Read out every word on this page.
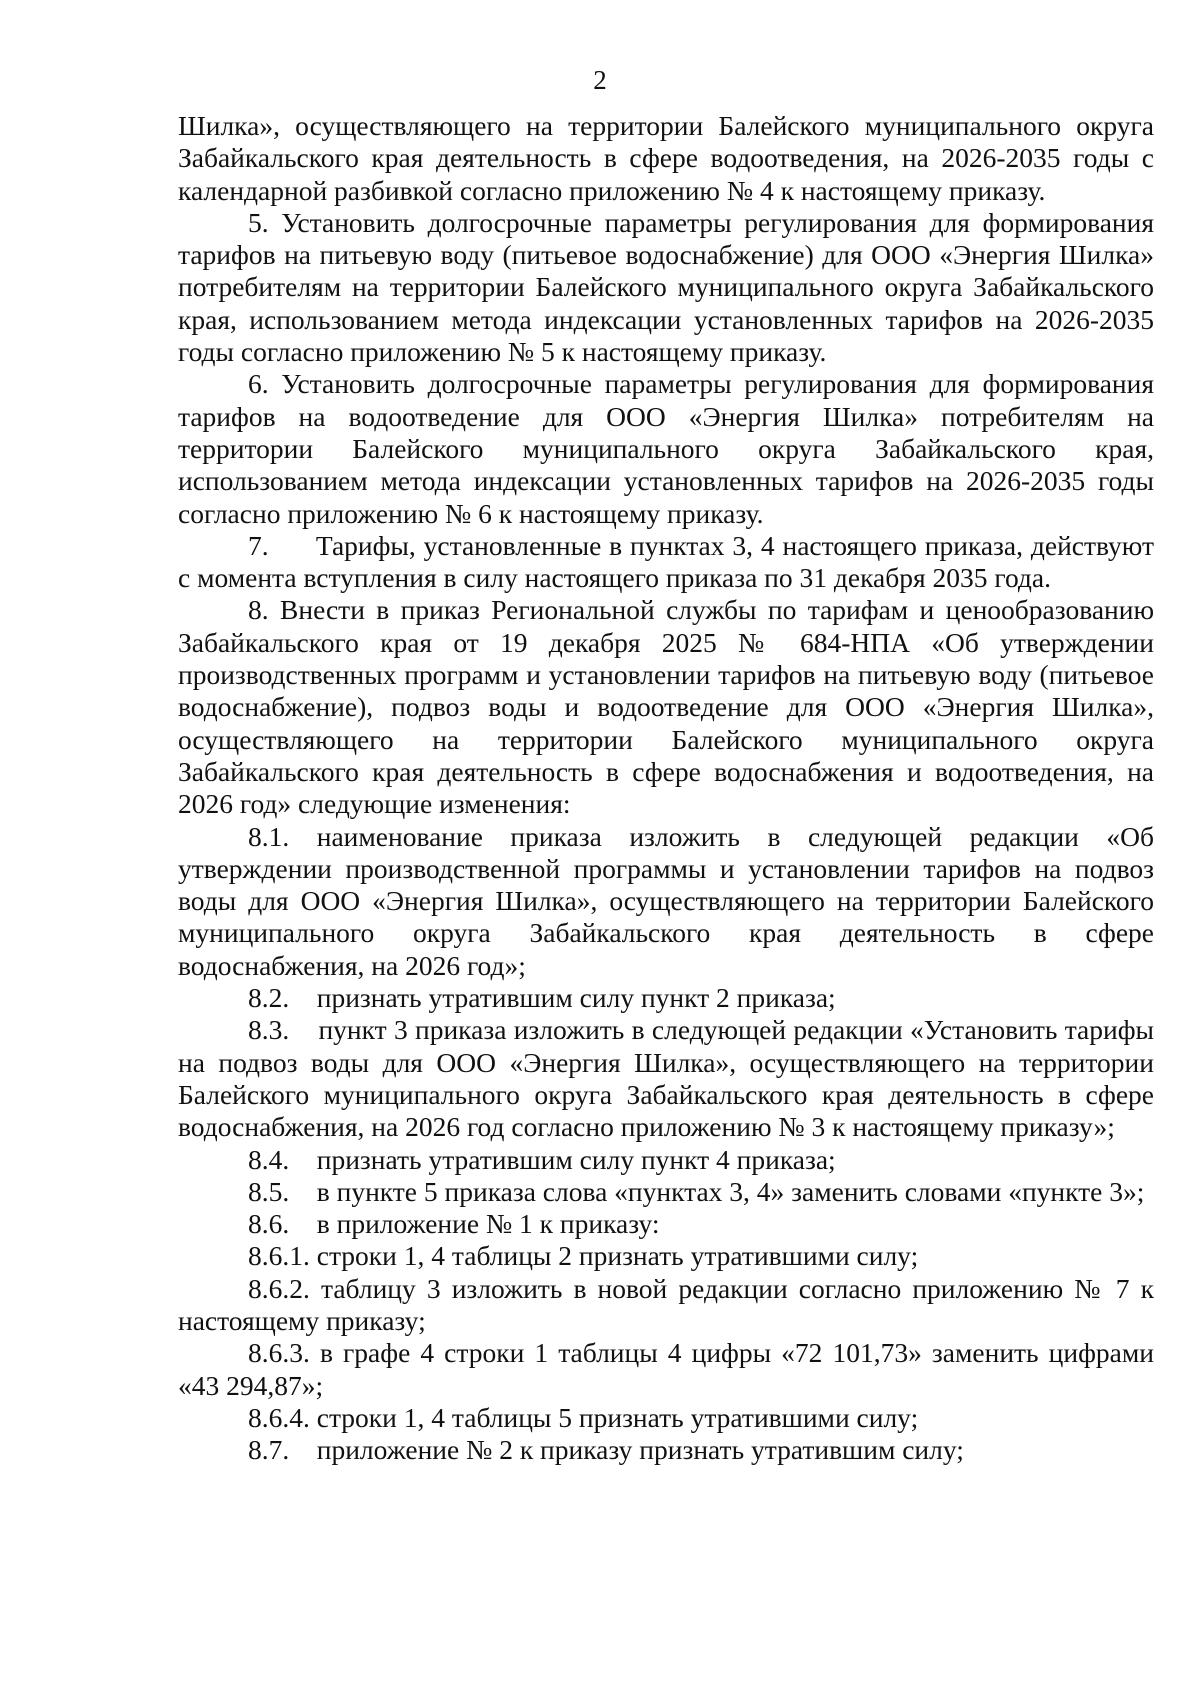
2

Шилка», осуществляющего на территории Балейского муниципального округа Забайкальского края деятельность в сфере водоотведения, на 2026-2035 годы с календарной разбивкой согласно приложению № 4 к настоящему приказу.

5. Установить долгосрочные параметры регулирования для формирования тарифов на питьевую воду (питьевое водоснабжение) для ООО «Энергия Шилка» потребителям на территории Балейского муниципального округа Забайкальского края, использованием метода индексации установленных тарифов на 2026-2035 годы согласно приложению № 5 к настоящему приказу.

6. Установить долгосрочные параметры регулирования для формирования тарифов на водоотведение для ООО «Энергия Шилка» потребителям на территории Балейского муниципального округа Забайкальского края, использованием метода индексации установленных тарифов на 2026-2035 годы согласно приложению № 6 к настоящему приказу.

7. Тарифы, установленные в пунктах 3, 4 настоящего приказа, действуют с момента вступления в силу настоящего приказа по 31 декабря 2035 года.

8. Внести в приказ Региональной службы по тарифам и ценообразованию Забайкальского края от 19 декабря 2025 № 684-НПА «Об утверждении производственных программ и установлении тарифов на питьевую воду (питьевое водоснабжение), подвоз воды и водоотведение для ООО «Энергия Шилка», осуществляющего на территории Балейского муниципального округа Забайкальского края деятельность в сфере водоснабжения и водоотведения, на 2026 год» следующие изменения:

8.1. наименование приказа изложить в следующей редакции «Об утверждении производственной программы и установлении тарифов на подвоз воды для ООО «Энергия Шилка», осуществляющего на территории Балейского муниципального округа Забайкальского края деятельность в сфере водоснабжения, на 2026 год»;

8.2. признать утратившим силу пункт 2 приказа;

8.3. пункт 3 приказа изложить в следующей редакции «Установить тарифы на подвоз воды для ООО «Энергия Шилка», осуществляющего на территории Балейского муниципального округа Забайкальского края деятельность в сфере водоснабжения, на 2026 год согласно приложению № 3 к настоящему приказу»;

8.4. признать утратившим силу пункт 4 приказа;

8.5. в пункте 5 приказа слова «пунктах 3, 4» заменить словами «пункте 3»;

8.6. в приложение № 1 к приказу:

8.6.1. строки 1, 4 таблицы 2 признать утратившими силу;

8.6.2. таблицу 3 изложить в новой редакции согласно приложению № 7 к настоящему приказу;

8.6.3. в графе 4 строки 1 таблицы 4 цифры «72 101,73» заменить цифрами «43 294,87»;

8.6.4. строки 1, 4 таблицы 5 признать утратившими силу;

8.7. приложение № 2 к приказу признать утратившим силу;
